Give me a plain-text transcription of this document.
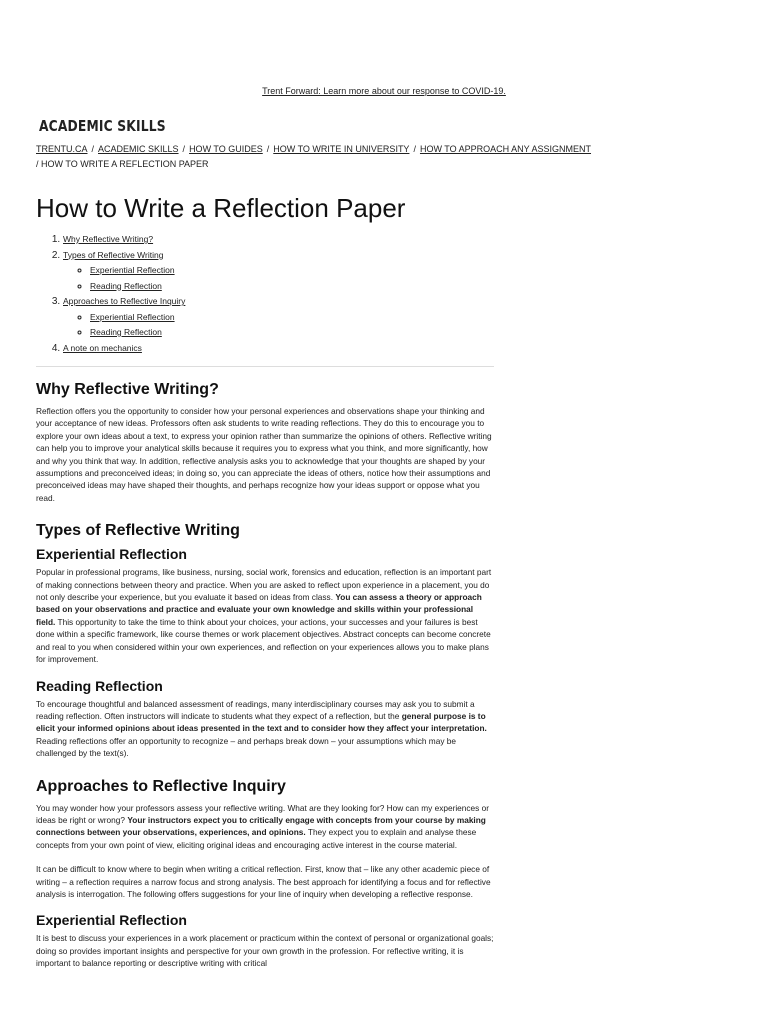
Trent Forward: Learn more about our response to COVID-19.
ACADEMIC SKILLS
TRENTU.CA / ACADEMIC SKILLS / HOW TO GUIDES / HOW TO WRITE IN UNIVERSITY / HOW TO APPROACH ANY ASSIGNMENT
/ HOW TO WRITE A REFLECTION PAPER
How to Write a Reflection Paper
1. Why Reflective Writing?
2. Types of Reflective Writing
◦ Experiential Reflection
◦ Reading Reflection
3. Approaches to Reflective Inquiry
◦ Experiential Reflection
◦ Reading Reflection
4. A note on mechanics
Why Reflective Writing?

Reflection offers you the opportunity to consider how your personal experiences and observations shape your thinking and your acceptance of new ideas. Professors often ask students to write reading reflections. They do this to encourage you to explore your own ideas about a text, to express your opinion rather than summarize the opinions of others. Reflective writing can help you to improve your analytical skills because it requires you to express what you think, and more significantly, how and why you think that way. In addition, reflective analysis asks you to acknowledge that your thoughts are shaped by your assumptions and preconceived ideas; in doing so, you can appreciate the ideas of others, notice how their assumptions and preconceived ideas may have shaped their thoughts, and perhaps recognize how your ideas support or oppose what you read.

Types of Reflective Writing
Experiential Reflection

Popular in professional programs, like business, nursing, social work, forensics and education, reflection is an important part of making connections between theory and practice. When you are asked to reflect upon experience in a placement, you do not only describe your experience, but you evaluate it based on ideas from class. You can assess a theory or approach based on your observations and practice and evaluate your own knowledge and skills within your professional field. This opportunity to take the time to think about your choices, your actions, your successes and your failures is best done within a specific framework, like course themes or work placement objectives. Abstract concepts can become concrete and real to you when considered within your own experiences, and reflection on your experiences allows you to make plans for improvement.

Reading Reflection

To encourage thoughtful and balanced assessment of readings, many interdisciplinary courses may ask you to submit a reading reflection. Often instructors will indicate to students what they expect of a reflection, but the general purpose is to elicit your informed opinions about ideas presented in the text and to consider how they affect your interpretation. Reading reflections offer an opportunity to recognize – and perhaps break down – your assumptions which may be challenged by the text(s).

Approaches to Reflective Inquiry

You may wonder how your professors assess your reflective writing. What are they looking for? How can my experiences or ideas be right or wrong? Your instructors expect you to critically engage with concepts from your course by making connections between your observations, experiences, and opinions. They expect you to explain and analyse these concepts from your own point of view, eliciting original ideas and encouraging active interest in the course material.

It can be difficult to know where to begin when writing a critical reflection. First, know that – like any other academic piece of writing – a reflection requires a narrow focus and strong analysis. The best approach for identifying a focus and for reflective analysis is interrogation. The following offers suggestions for your line of inquiry when developing a reflective response.

Experiential Reflection

It is best to discuss your experiences in a work placement or practicum within the context of personal or organizational goals; doing so provides important insights and perspective for your own growth in the profession. For reflective writing, it is important to balance reporting or descriptive writing with critical
